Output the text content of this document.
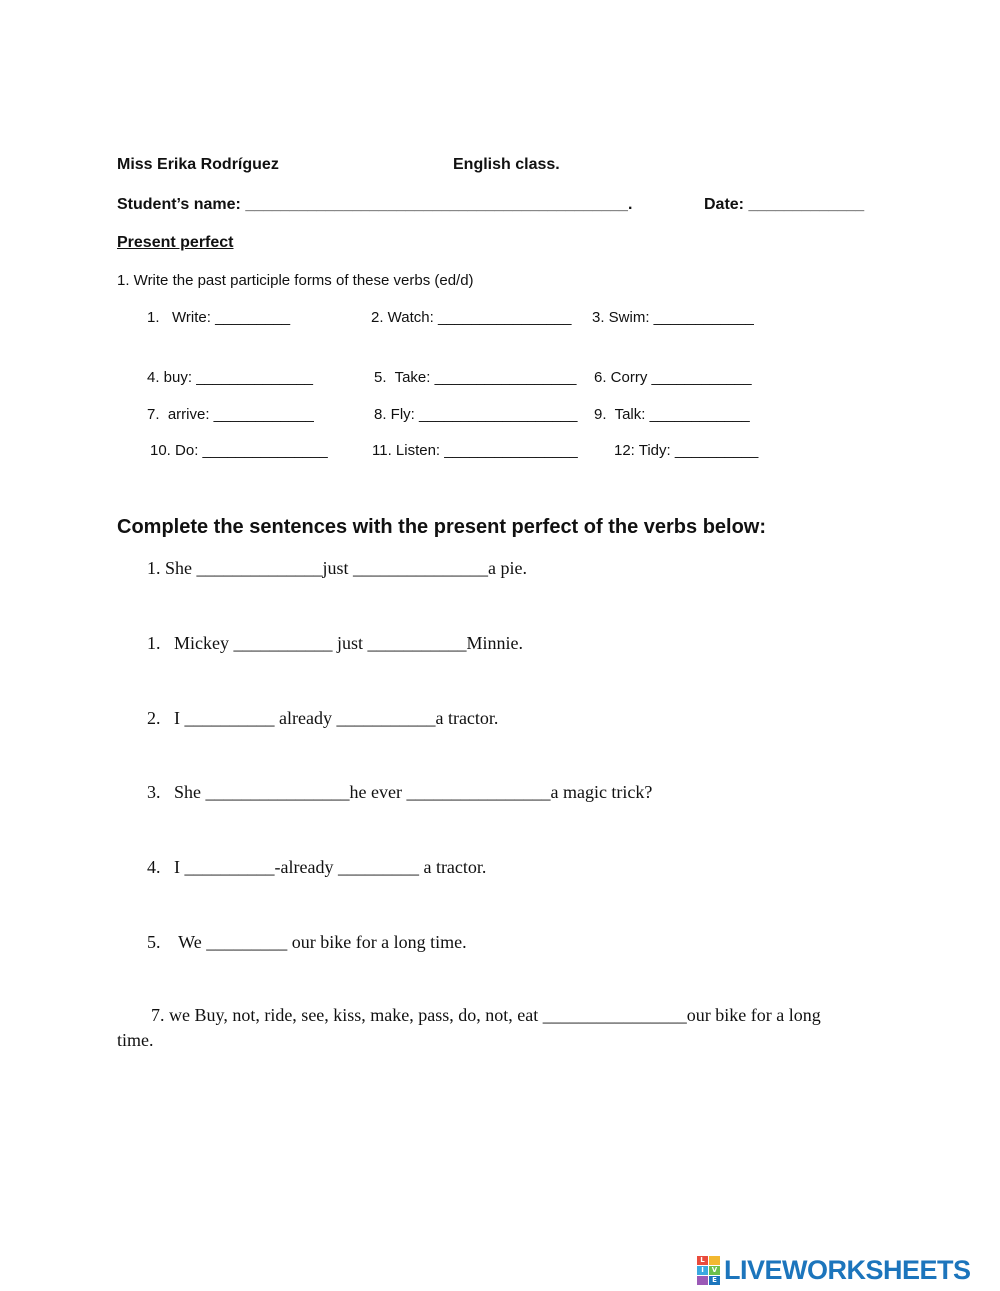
Miss Erika Rodríguez	English class.
Student’s name: ___________________________________________.	Date: _____________
Present perfect
1. Write the past participle forms of these verbs (ed/d)
1.   Write: _________	2. Watch: ________________ 3. Swim: ____________
4. buy: ______________	5.  Take: _________________ 6. Corry ____________
7.  arrive: ____________	8. Fly: ___________________ 9.  Talk: ____________
10. Do: _______________	11. Listen: ________________ 12: Tidy: __________
Complete the sentences with the present perfect of the verbs below:
1. She ______________just _______________a pie.
1.   Mickey ___________ just ___________Minnie.
2.   I __________ already ___________a tractor.
3.   She ________________he ever ________________a magic trick?
4.   I __________-already _________ a tractor.
5.    We _________ our bike for a long time.
7. we Buy, not, ride, see, kiss, make, pass, do, not, eat ________________our bike for a long time.
L
I	V
E LIVEWORKSHEETS
